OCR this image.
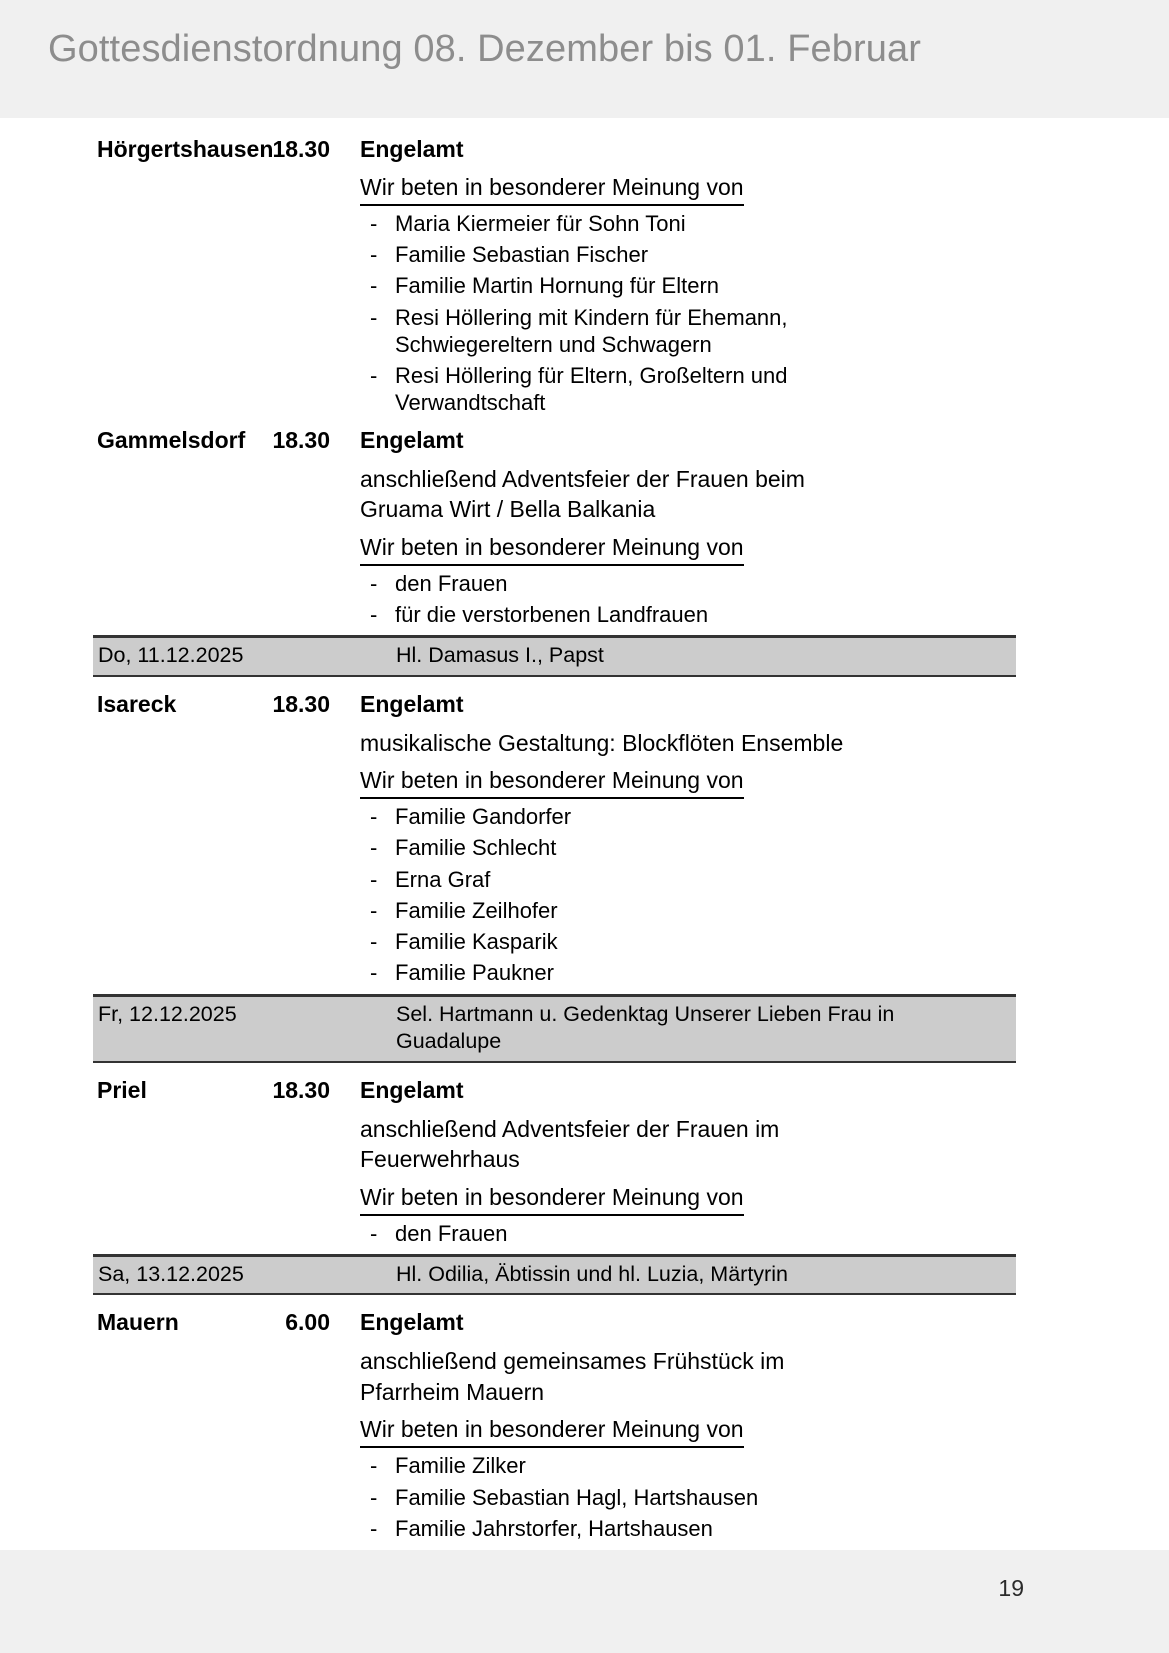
Gottesdienstordnung 08. Dezember bis 01. Februar
Hörgertshausen 18.30 Engelamt
Wir beten in besonderer Meinung von
- Maria Kiermeier für Sohn Toni
- Familie Sebastian Fischer
- Familie Martin Hornung für Eltern
- Resi Höllering mit Kindern für Ehemann, Schwiegereltern und Schwagern
- Resi Höllering für Eltern, Großeltern und Verwandtschaft
Gammelsdorf	18.30 Engelamt
anschließend Adventsfeier der Frauen beim Gruama Wirt / Bella Balkania
Wir beten in besonderer Meinung von
- den Frauen
- für die verstorbenen Landfrauen
Do, 11.12.2025	Hl. Damasus I., Papst
Isareck	18.30 Engelamt
musikalische Gestaltung: Blockflöten Ensemble
Wir beten in besonderer Meinung von
- Familie Gandorfer
- Familie Schlecht
- Erna Graf
- Familie Zeilhofer
- Familie Kasparik
- Familie Paukner
Fr, 12.12.2025	Sel. Hartmann u. Gedenktag Unserer Lieben Frau in Guadalupe
Priel	18.30 Engelamt
anschließend Adventsfeier der Frauen im Feuerwehrhaus
Wir beten in besonderer Meinung von
- den Frauen
Sa, 13.12.2025	Hl. Odilia, Äbtissin und hl. Luzia, Märtyrin
Mauern	6.00 Engelamt
anschließend gemeinsames Frühstück im Pfarrheim Mauern
Wir beten in besonderer Meinung von
- Familie Zilker
- Familie Sebastian Hagl, Hartshausen
- Familie Jahrstorfer, Hartshausen
19
